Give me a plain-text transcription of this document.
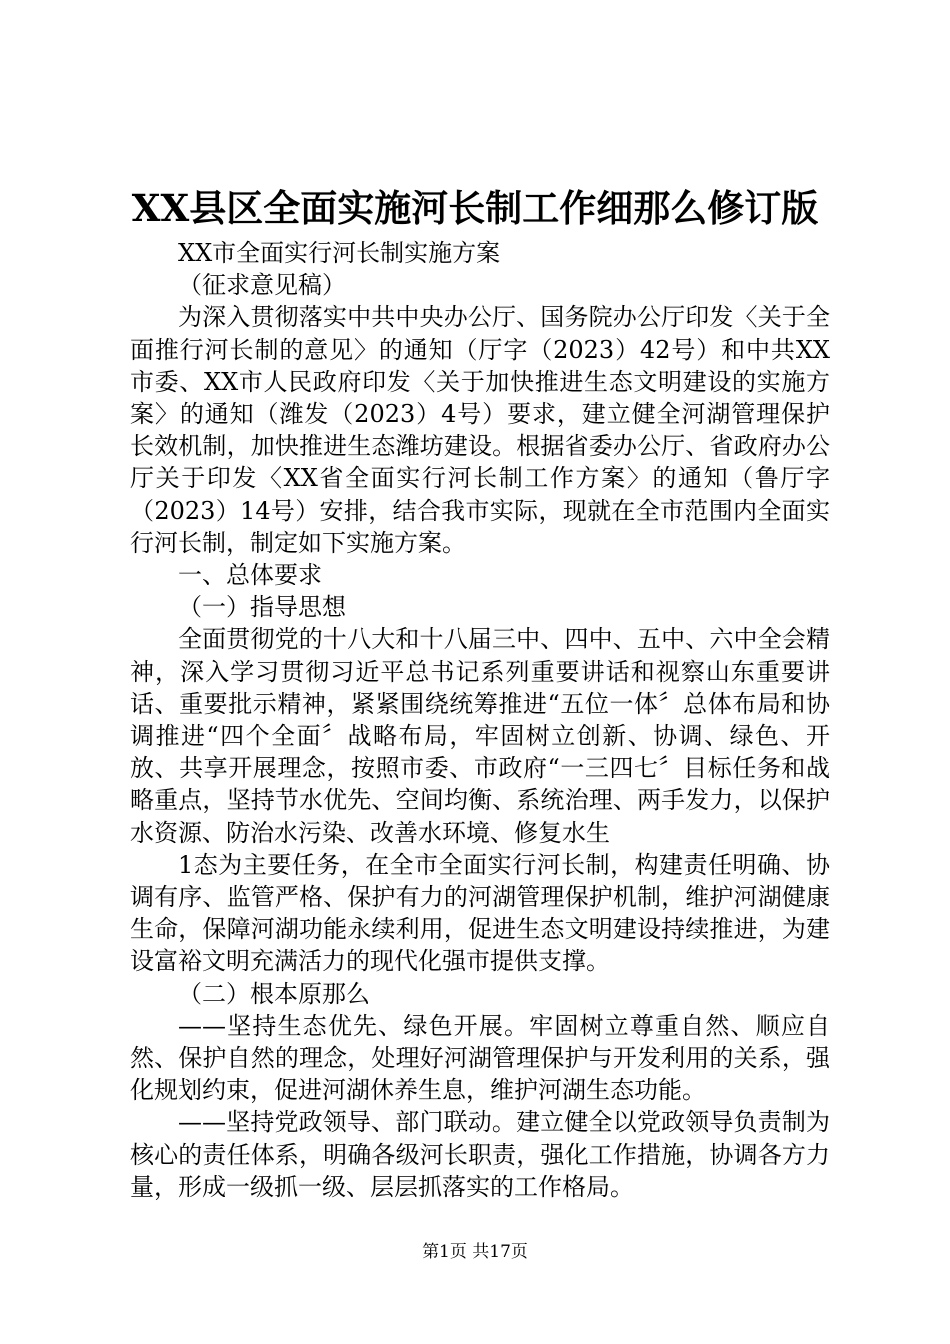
XX县区全面实施河长制工作细那么修订版

XX市全面实行河长制实施方案

（征求意见稿）

为深入贯彻落实中共中央办公厅、国务院办公厅印发〈关于全面推行河长制的意见〉的通知（厅字（2023）42号）和中共XX市委、XX市人民政府印发〈关于加快推进生态文明建设的实施方案〉的通知（潍发（2023）4号）要求，建立健全河湖管理保护长效机制，加快推进生态潍坊建设。根据省委办公厅、省政府办公厅关于印发〈XX省全面实行河长制工作方案〉的通知（鲁厅字（2023）14号）安排，结合我市实际，现就在全市范围内全面实行河长制，制定如下实施方案。

一、总体要求

（一）指导思想

全面贯彻党的十八大和十八届三中、四中、五中、六中全会精神，深入学习贯彻习近平总书记系列重要讲话和视察山东重要讲话、重要批示精神，紧紧围绕统筹推进“五位一体〞总体布局和协调推进“四个全面〞战略布局，牢固树立创新、协调、绿色、开放、共享开展理念，按照市委、市政府“一三四七〞目标任务和战略重点，坚持节水优先、空间均衡、系统治理、两手发力，以保护水资源、防治水污染、改善水环境、修复水生

1态为主要任务，在全市全面实行河长制，构建责任明确、协调有序、监管严格、保护有力的河湖管理保护机制，维护河湖健康生命，保障河湖功能永续利用，促进生态文明建设持续推进，为建设富裕文明充满活力的现代化强市提供支撑。

（二）根本原那么

——坚持生态优先、绿色开展。牢固树立尊重自然、顺应自然、保护自然的理念，处理好河湖管理保护与开发利用的关系，强化规划约束，促进河湖休养生息，维护河湖生态功能。

——坚持党政领导、部门联动。建立健全以党政领导负责制为核心的责任体系，明确各级河长职责，强化工作措施，协调各方力量，形成一级抓一级、层层抓落实的工作格局。

第1页 共17页
